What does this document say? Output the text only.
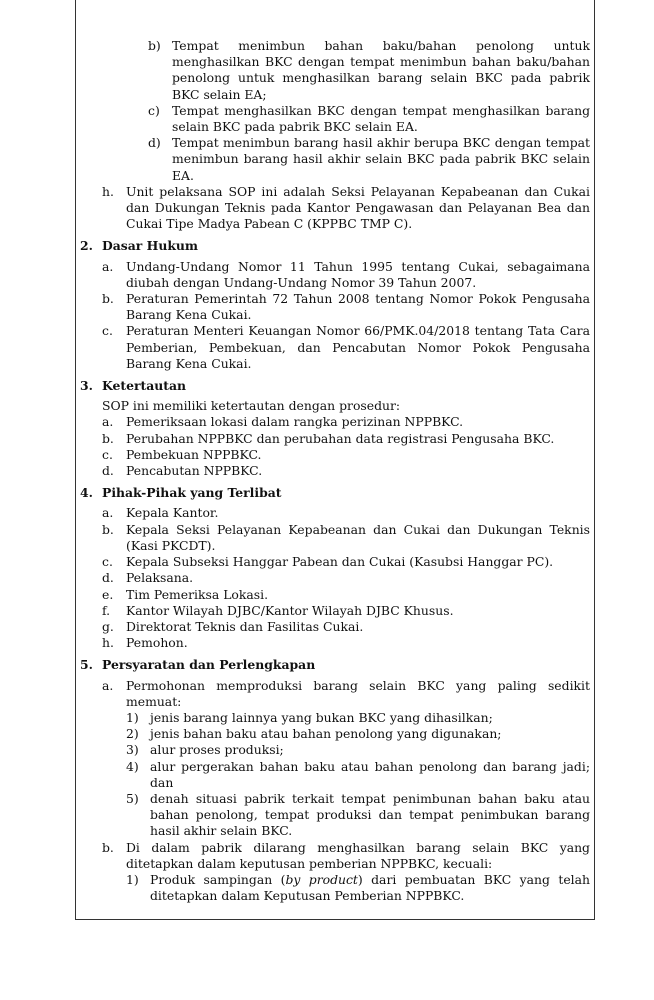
b) Tempat menimbun bahan baku/bahan penolong untuk menghasilkan BKC dengan tempat menimbun bahan baku/bahan penolong untuk menghasilkan barang selain BKC pada pabrik BKC selain EA;
c) Tempat menghasilkan BKC dengan tempat menghasilkan barang selain BKC pada pabrik BKC selain EA.
d) Tempat menimbun barang hasil akhir berupa BKC dengan tempat menimbun barang hasil akhir selain BKC pada pabrik BKC selain EA.
h. Unit pelaksana SOP ini adalah Seksi Pelayanan Kepabeanan dan Cukai dan Dukungan Teknis pada Kantor Pengawasan dan Pelayanan Bea dan Cukai Tipe Madya Pabean C (KPPBC TMP C).
2. Dasar Hukum
a.	Undang-Undang Nomor 11 Tahun 1995 tentang Cukai, sebagaimana diubah dengan Undang-Undang Nomor 39 Tahun 2007.
b. Peraturan Pemerintah 72 Tahun 2008 tentang Nomor Pokok Pengusaha Barang Kena Cukai.
c.	Peraturan Menteri Keuangan Nomor 66/PMK.04/2018 tentang Tata Cara Pemberian, Pembekuan, dan Pencabutan Nomor Pokok Pengusaha Barang Kena Cukai.
3. Ketertautan
SOP ini memiliki ketertautan dengan prosedur:
a.	Pemeriksaan lokasi dalam rangka perizinan NPPBKC.
b. Perubahan NPPBKC dan perubahan data registrasi Pengusaha BKC.
c.	Pembekuan NPPBKC.
d. Pencabutan NPPBKC.
4. Pihak-Pihak yang Terlibat
a.	Kepala Kantor.
b. Kepala Seksi Pelayanan Kepabeanan dan Cukai dan Dukungan Teknis (Kasi PKCDT).
c.	Kepala Subseksi Hanggar Pabean dan Cukai (Kasubsi Hanggar PC).
d. Pelaksana.
e.	Tim Pemeriksa Lokasi.
f.	Kantor Wilayah DJBC/Kantor Wilayah DJBC Khusus.
g. Direktorat Teknis dan Fasilitas Cukai.
h. Pemohon.
5. Persyaratan dan Perlengkapan
a.	Permohonan memproduksi barang selain BKC yang paling sedikit memuat:
1) jenis barang lainnya yang bukan BKC yang dihasilkan;
2) jenis bahan baku atau bahan penolong yang digunakan;
3) alur proses produksi;
4) alur pergerakan bahan baku atau bahan penolong dan barang jadi; dan
5) denah situasi pabrik terkait tempat penimbunan bahan baku atau bahan penolong, tempat produksi dan tempat penimbukan barang hasil akhir selain BKC.
b. Di dalam pabrik dilarang menghasilkan barang selain BKC yang ditetapkan dalam keputusan pemberian NPPBKC, kecuali:
1) Produk sampingan (by product) dari pembuatan BKC yang telah ditetapkan dalam Keputusan Pemberian NPPBKC.
